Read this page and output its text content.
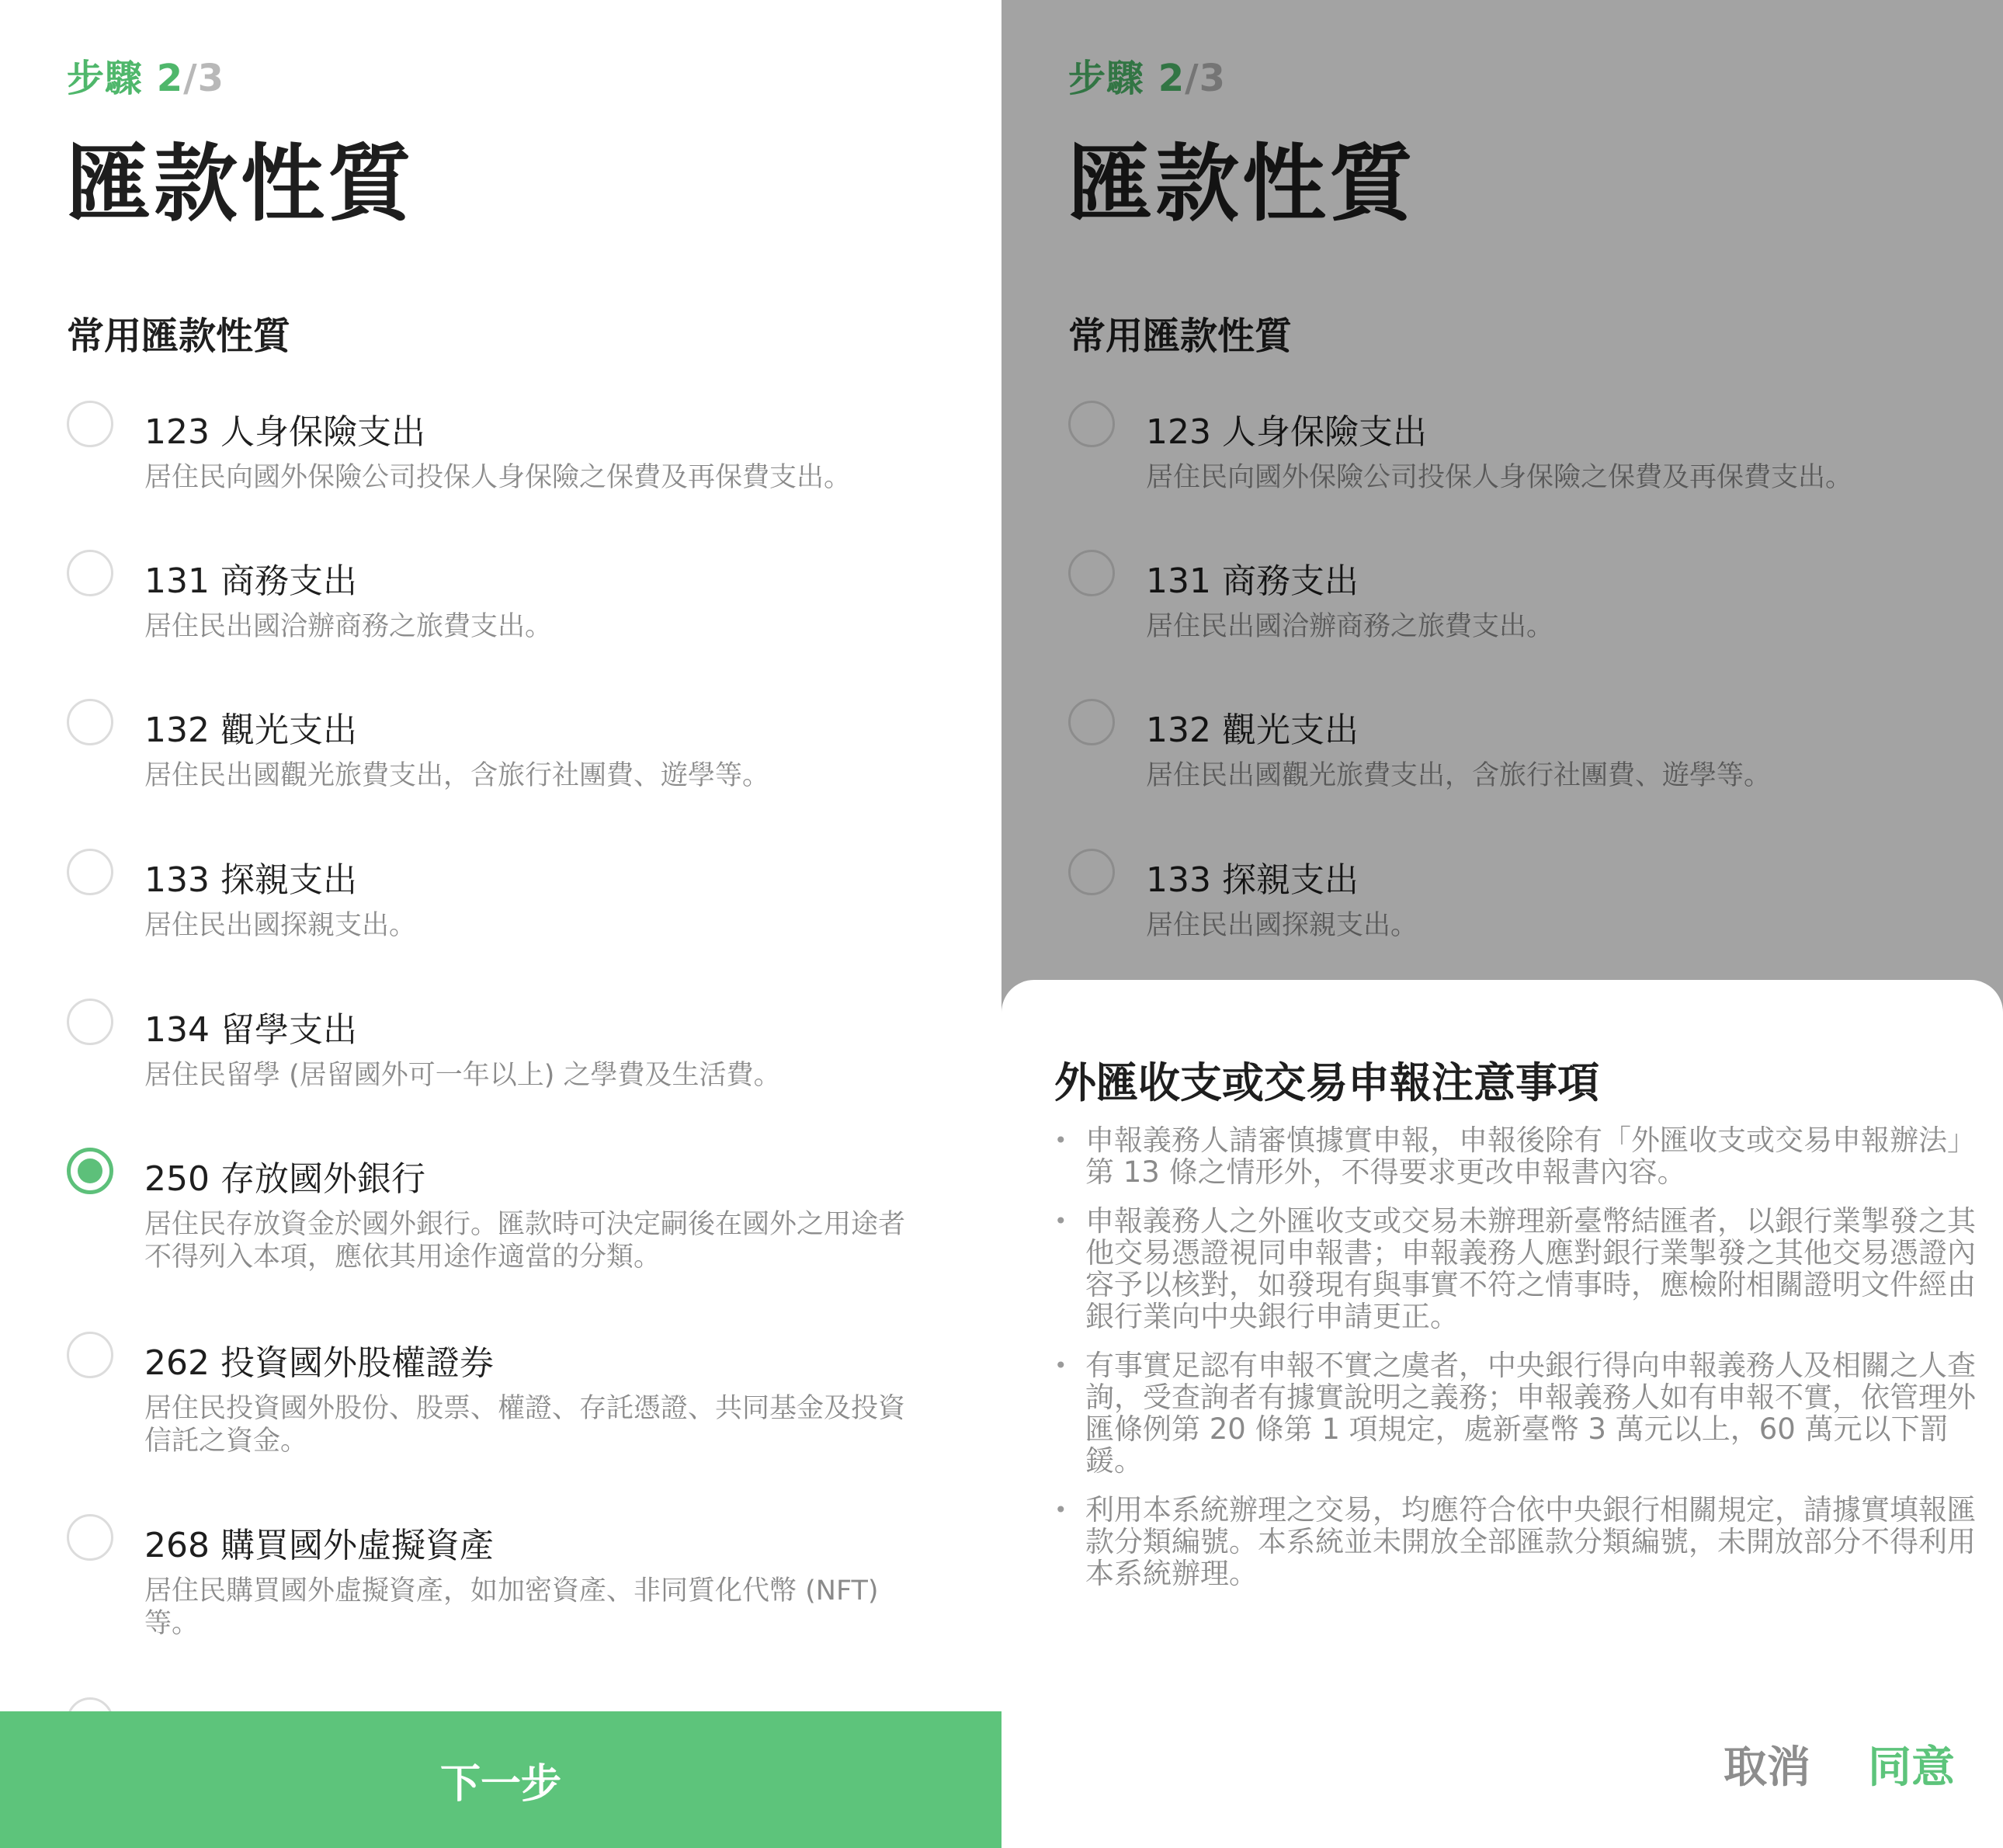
步驟 2/3
匯款性質
常用匯款性質
123 人身保險支出
居住民向國外保險公司投保人身保險之保費及再保費支出。
131 商務支出
居住民出國洽辦商務之旅費支出。
132 觀光支出
居住民出國觀光旅費支出，含旅行社團費、遊學等。
133 探親支出
居住民出國探親支出。
134 留學支出
居住民留學 (居留國外可一年以上) 之學費及生活費。
250 存放國外銀行
居住民存放資金於國外銀行。匯款時可決定嗣後在國外之用途者不得列入本項，應依其用途作適當的分類。
262 投資國外股權證券
居住民投資國外股份、股票、權證、存託憑證、共同基金及投資信託之資金。
268 購買國外虛擬資產
居住民購買國外虛擬資產，如加密資產、非同質化代幣 (NFT) 等。
下一步
步驟 2/3
匯款性質
常用匯款性質
123 人身保險支出
居住民向國外保險公司投保人身保險之保費及再保費支出。
131 商務支出
居住民出國洽辦商務之旅費支出。
132 觀光支出
居住民出國觀光旅費支出，含旅行社團費、遊學等。
133 探親支出
居住民出國探親支出。
外匯收支或交易申報注意事項
• 申報義務人請審慎據實申報，申報後除有「外匯收支或交易申報辦法」第 13 條之情形外，不得要求更改申報書內容。
• 申報義務人之外匯收支或交易未辦理新臺幣結匯者，以銀行業掣發之其他交易憑證視同申報書；申報義務人應對銀行業掣發之其他交易憑證內容予以核對，如發現有與事實不符之情事時，應檢附相關證明文件經由銀行業向中央銀行申請更正。
• 有事實足認有申報不實之虞者，中央銀行得向申報義務人及相關之人查詢，受查詢者有據實說明之義務；申報義務人如有申報不實，依管理外匯條例第 20 條第 1 項規定，處新臺幣 3 萬元以上，60 萬元以下罰鍰。
• 利用本系統辦理之交易，均應符合依中央銀行相關規定，請據實填報匯款分類編號。本系統並未開放全部匯款分類編號，未開放部分不得利用本系統辦理。
取消 同意
